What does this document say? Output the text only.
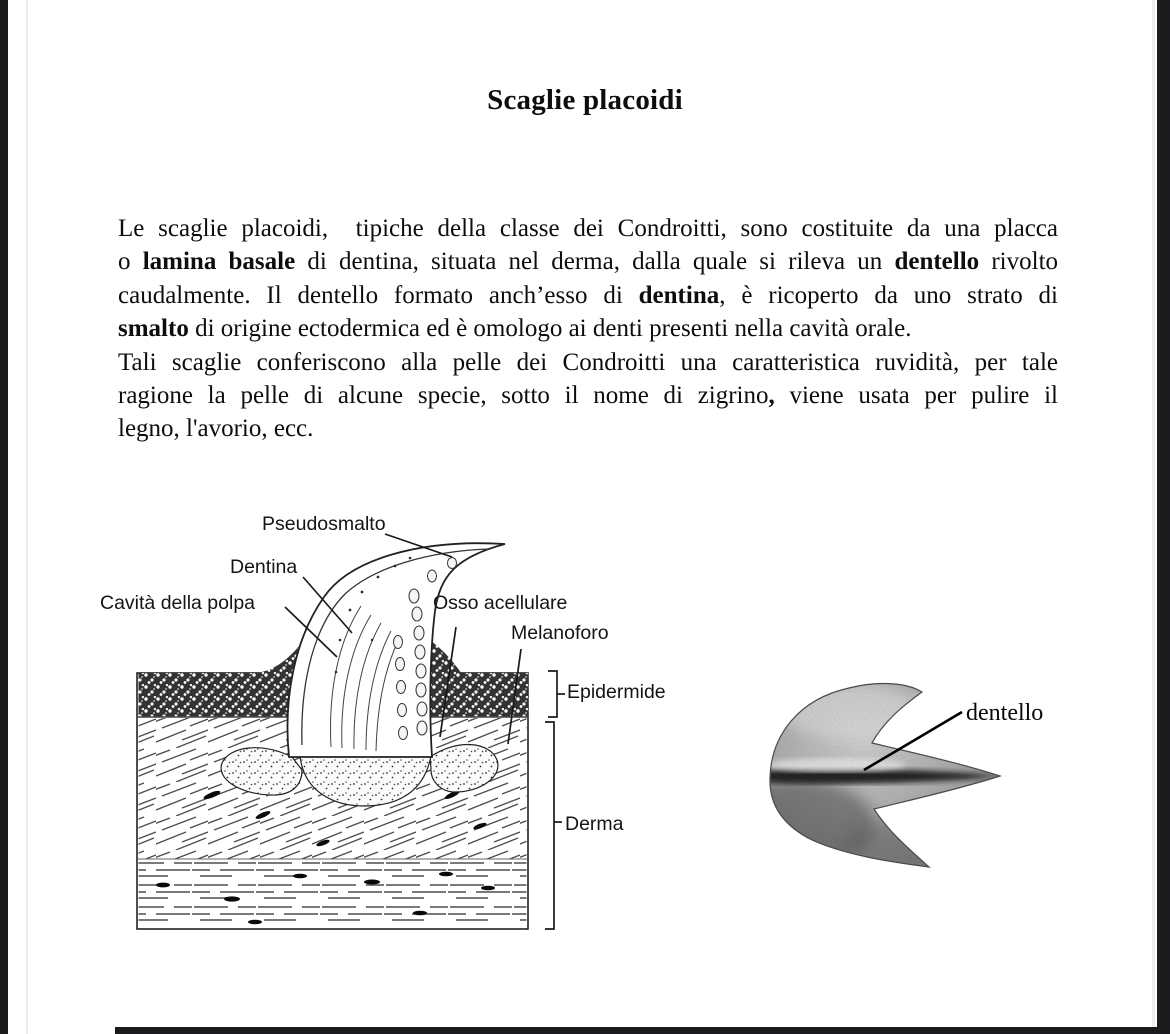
Scaglie placoidi
Le scaglie placoidi,  tipiche della classe dei Condroitti, sono costituite da una placca
o lamina basale di dentina, situata nel derma, dalla quale si rileva un dentello rivolto
caudalmente. Il dentello formato anch’esso di dentina, è ricoperto da uno strato di
smalto di origine ectodermica ed è omologo ai denti presenti nella cavità orale.
Tali scaglie conferiscono alla pelle dei Condroitti una caratteristica ruvidità, per tale
ragione la pelle di alcune specie, sotto il nome di zigrino, viene usata per pulire il
legno, l'avorio, ecc.
Pseudosmalto
Dentina
Cavità della polpa	Osso acellulare
Melanoforo
Epidermide
Derma
dentello
